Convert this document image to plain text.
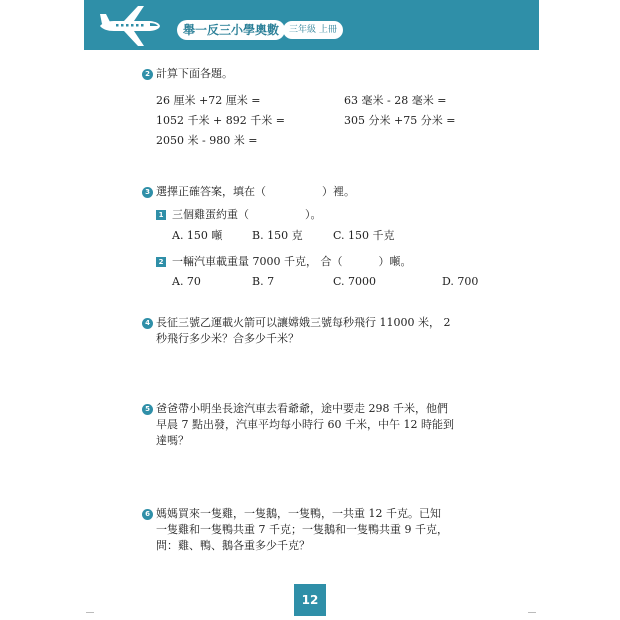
舉一反三小學奧數	三年級 上冊
2 計算下面各題。
26 厘米 +72 厘米 =	63 毫米 - 28 毫米 =
1052 千米 + 892 千米 =	305 分米 +75 分米 =
2050 米 - 980 米 =
3 選擇正確答案，填在（	）裡。
1 三個雞蛋約重（	）。
A. 150 噸	B. 150 克	C. 150 千克
2 一輛汽車載重量 7000 千克， 合（	）噸。
A. 70	B. 7	C. 7000	D. 700
4 長征三號乙運載火箭可以讓嫦娥三號每秒飛行 11000 米， 2
秒飛行多少米？合多少千米？
5 爸爸帶小明坐長途汽車去看爺爺，途中要走 298 千米，他們
早晨 7 點出發，汽車平均每小時行 60 千米，中午 12 時能到
達嗎？
6 媽媽買來一隻雞，一隻鵝，一隻鴨，一共重 12 千克。已知
一隻雞和一隻鴨共重 7 千克；一隻鵝和一隻鴨共重 9 千克，
問：雞、鴨、鵝各重多少千克？
12
